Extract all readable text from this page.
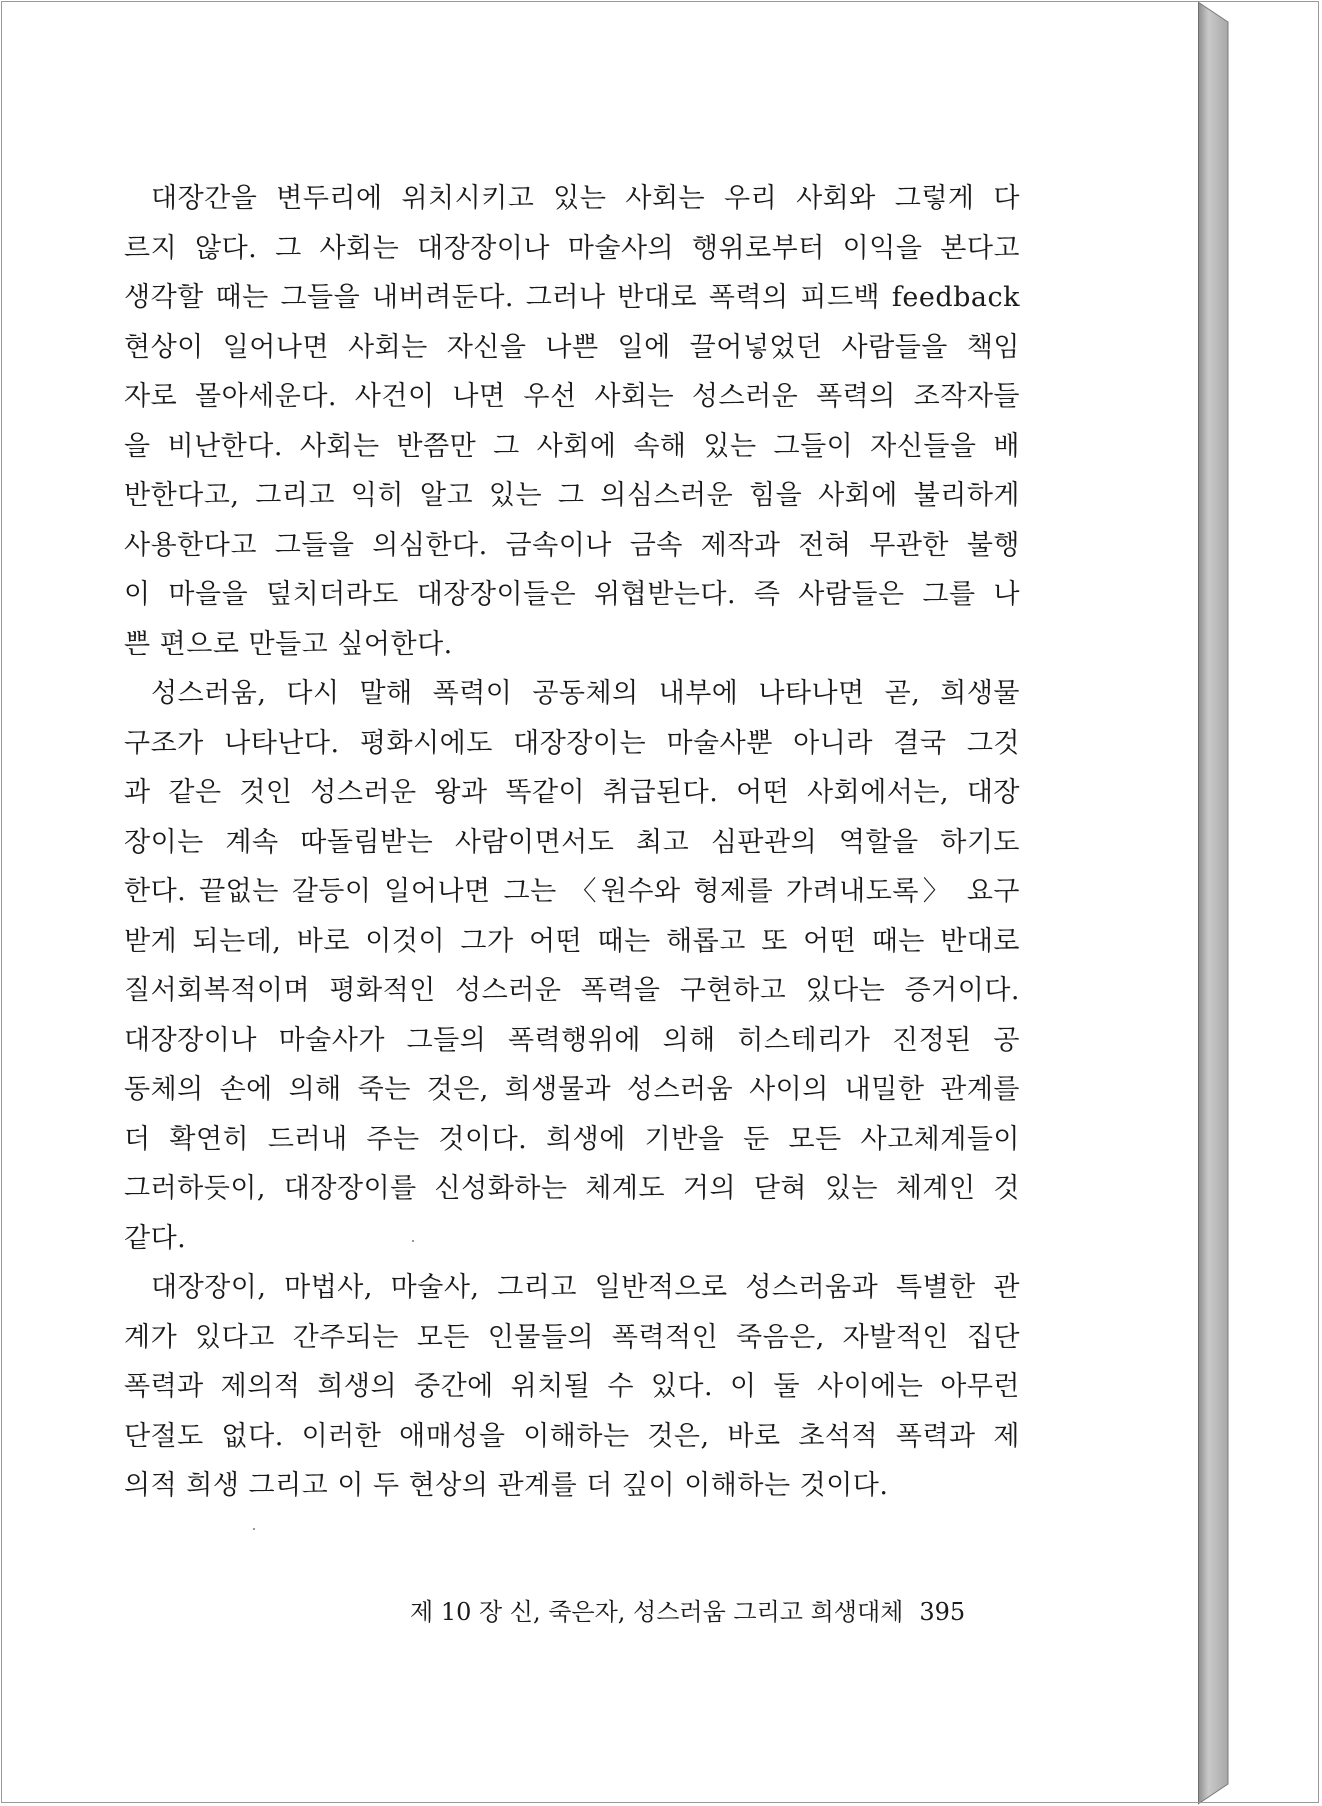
대장간을 변두리에 위치시키고 있는 사회는 우리 사회와 그렇게 다
르지 않다. 그 사회는 대장장이나 마술사의 행위로부터 이익을 본다고
생각할 때는 그들을 내버려둔다. 그러나 반대로 폭력의 피드백 feedback
현상이 일어나면 사회는 자신을 나쁜 일에 끌어넣었던 사람들을 책임
자로 몰아세운다. 사건이 나면 우선 사회는 성스러운 폭력의 조작자들
을 비난한다. 사회는 반쯤만 그 사회에 속해 있는 그들이 자신들을 배
반한다고, 그리고 익히 알고 있는 그 의심스러운 힘을 사회에 불리하게
사용한다고 그들을 의심한다. 금속이나 금속 제작과 전혀 무관한 불행
이 마을을 덮치더라도 대장장이들은 위협받는다. 즉 사람들은 그를 나
쁜 편으로 만들고 싶어한다.
성스러움, 다시 말해 폭력이 공동체의 내부에 나타나면 곧, 희생물
구조가 나타난다. 평화시에도 대장장이는 마술사뿐 아니라 결국 그것
과 같은 것인 성스러운 왕과 똑같이 취급된다. 어떤 사회에서는, 대장
장이는 계속 따돌림받는 사람이면서도 최고 심판관의 역할을 하기도
한다. 끝없는 갈등이 일어나면 그는 〈원수와 형제를 가려내도록〉 요구
받게 되는데, 바로 이것이 그가 어떤 때는 해롭고 또 어떤 때는 반대로
질서회복적이며 평화적인 성스러운 폭력을 구현하고 있다는 증거이다.
대장장이나 마술사가 그들의 폭력행위에 의해 히스테리가 진정된 공
동체의 손에 의해 죽는 것은, 희생물과 성스러움 사이의 내밀한 관계를
더 확연히 드러내 주는 것이다. 희생에 기반을 둔 모든 사고체계들이
그러하듯이, 대장장이를 신성화하는 체계도 거의 닫혀 있는 체계인 것
같다.
대장장이, 마법사, 마술사, 그리고 일반적으로 성스러움과 특별한 관
계가 있다고 간주되는 모든 인물들의 폭력적인 죽음은, 자발적인 집단
폭력과 제의적 희생의 중간에 위치될 수 있다. 이 둘 사이에는 아무런
단절도 없다. 이러한 애매성을 이해하는 것은, 바로 초석적 폭력과 제
의적 희생 그리고 이 두 현상의 관계를 더 깊이 이해하는 것이다.
제 10 장 신, 죽은자, 성스러움 그리고 희생대체 395
